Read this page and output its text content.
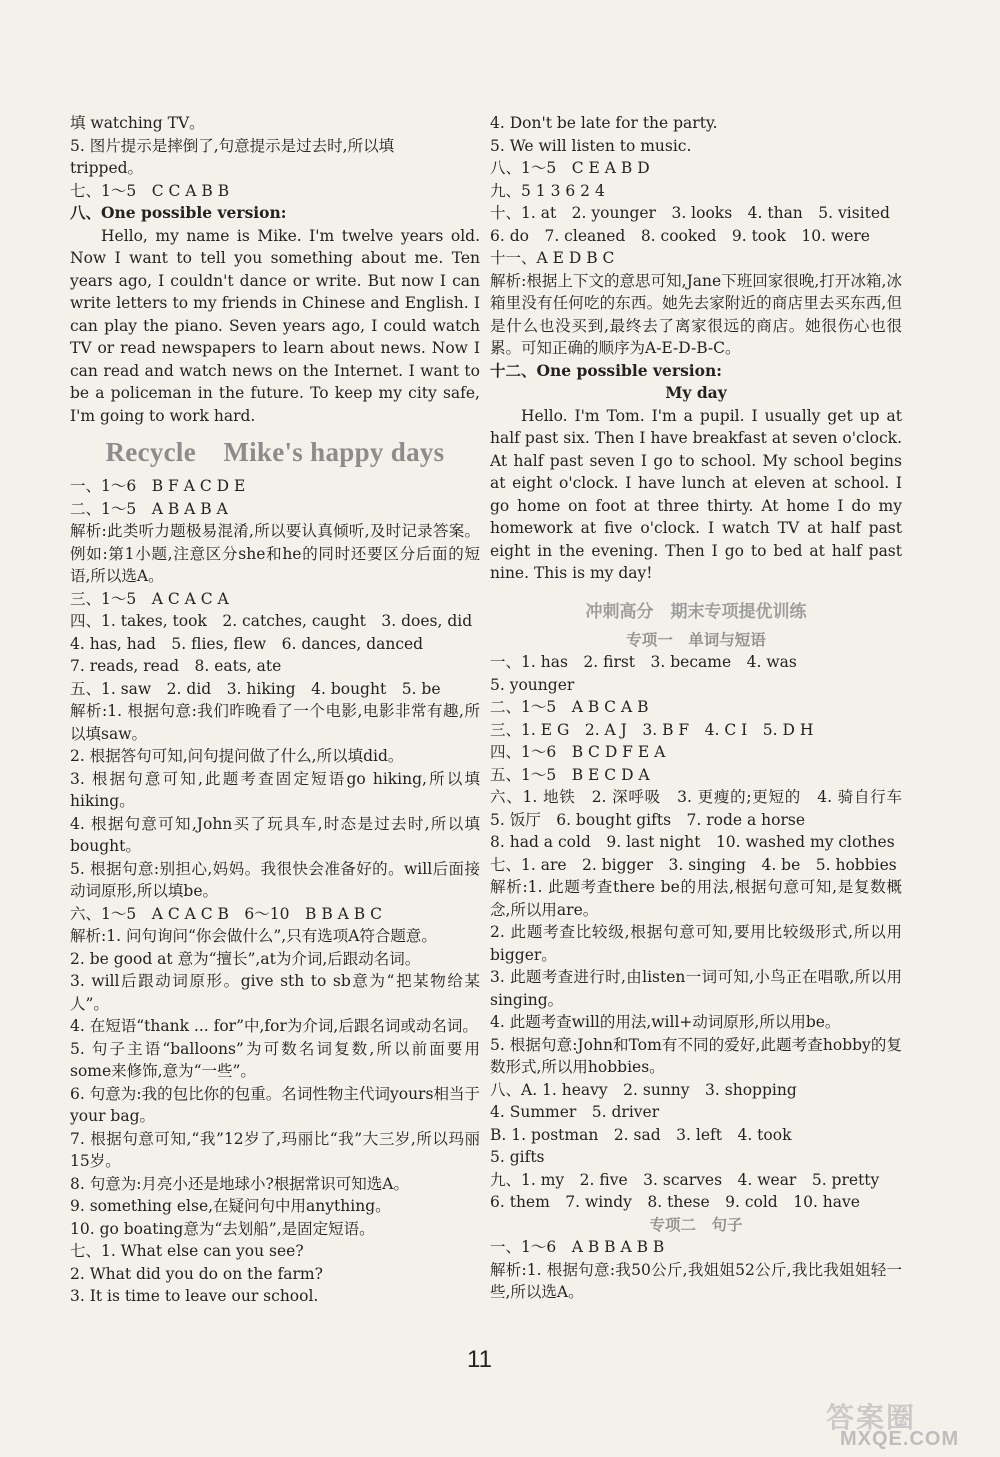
填 watching TV。
5. 图片提示是摔倒了,句意提示是过去时,所以填
tripped。
七、1～5　C C A B B
八、One possible version:
Hello, my name is Mike. I'm twelve years old. Now I want to tell you something about me. Ten years ago, I couldn't dance or write. But now I can write letters to my friends in Chinese and English. I can play the piano. Seven years ago, I could watch TV or read newspapers to learn about news. Now I can read and watch news on the Internet. I want to be a policeman in the future. To keep my city safe, I'm going to work hard.
Recycle　Mike's happy days
一、1～6　B F A C D E
二、1～5　A B A B A
解析:此类听力题极易混淆,所以要认真倾听,及时记录答案。例如:第1小题,注意区分she和he的同时还要区分后面的短语,所以选A。
三、1～5　A C A C A
四、1. takes, took　2. catches, caught　3. does, did
4. has, had　5. flies, flew　6. dances, danced
7. reads, read　8. eats, ate
五、1. saw　2. did　3. hiking　4. bought　5. be
解析:1. 根据句意:我们昨晚看了一个电影,电影非常有趣,所以填saw。
2. 根据答句可知,问句提问做了什么,所以填did。
3. 根据句意可知,此题考查固定短语go hiking,所以填hiking。
4. 根据句意可知,John买了玩具车,时态是过去时,所以填bought。
5. 根据句意:别担心,妈妈。我很快会准备好的。will后面接动词原形,所以填be。
六、1～5　A C A C B　6～10　B B A B C
解析:1. 问句询问“你会做什么”,只有选项A符合题意。
2. be good at 意为“擅长”,at为介词,后跟动名词。
3. will后跟动词原形。give sth to sb意为“把某物给某人”。
4. 在短语“thank ... for”中,for为介词,后跟名词或动名词。
5. 句子主语“balloons”为可数名词复数,所以前面要用some来修饰,意为“一些”。
6. 句意为:我的包比你的包重。名词性物主代词yours相当于your bag。
7. 根据句意可知,“我”12岁了,玛丽比“我”大三岁,所以玛丽15岁。
8. 句意为:月亮小还是地球小?根据常识可知选A。
9. something else,在疑问句中用anything。
10. go boating意为“去划船”,是固定短语。
七、1. What else can you see?
2. What did you do on the farm?
3. It is time to leave our school.
4. Don't be late for the party.
5. We will listen to music.
八、1～5　C E A B D
九、5 1 3 6 2 4
十、1. at　2. younger　3. looks　4. than　5. visited
6. do　7. cleaned　8. cooked　9. took　10. were
十一、A E D B C
解析:根据上下文的意思可知,Jane下班回家很晚,打开冰箱,冰箱里没有任何吃的东西。她先去家附近的商店里去买东西,但是什么也没买到,最终去了离家很远的商店。她很伤心也很累。可知正确的顺序为A-E-D-B-C。
十二、One possible version:
My day
Hello. I'm Tom. I'm a pupil. I usually get up at half past six. Then I have breakfast at seven o'clock. At half past seven I go to school. My school begins at eight o'clock. I have lunch at eleven at school. I go home on foot at three thirty. At home I do my homework at five o'clock. I watch TV at half past eight in the evening. Then I go to bed at half past nine. This is my day!
冲刺高分　期末专项提优训练
专项一　单词与短语
一、1. has　2. first　3. became　4. was
5. younger
二、1～5　A B C A B
三、1. E G　2. A J　3. B F　4. C I　5. D H
四、1～6　B C D F E A
五、1～5　B E C D A
六、1. 地铁　2. 深呼吸　3. 更瘦的;更短的　4. 骑自行车　5. 饭厅　6. bought gifts　7. rode a horse
8. had a cold　9. last night　10. washed my clothes
七、1. are　2. bigger　3. singing　4. be　5. hobbies
解析:1. 此题考查there be的用法,根据句意可知,是复数概念,所以用are。
2. 此题考查比较级,根据句意可知,要用比较级形式,所以用bigger。
3. 此题考查进行时,由listen一词可知,小鸟正在唱歌,所以用singing。
4. 此题考查will的用法,will+动词原形,所以用be。
5. 根据句意:John和Tom有不同的爱好,此题考查hobby的复数形式,所以用hobbies。
八、A. 1. heavy　2. sunny　3. shopping
4. Summer　5. driver
B. 1. postman　2. sad　3. left　4. took
5. gifts
九、1. my　2. five　3. scarves　4. wear　5. pretty
6. them　7. windy　8. these　9. cold　10. have
专项二　句子
一、1～6　A B B A B B
解析:1. 根据句意:我50公斤,我姐姐52公斤,我比我姐姐轻一些,所以选A。
11
答案圈
MXQE.COM
